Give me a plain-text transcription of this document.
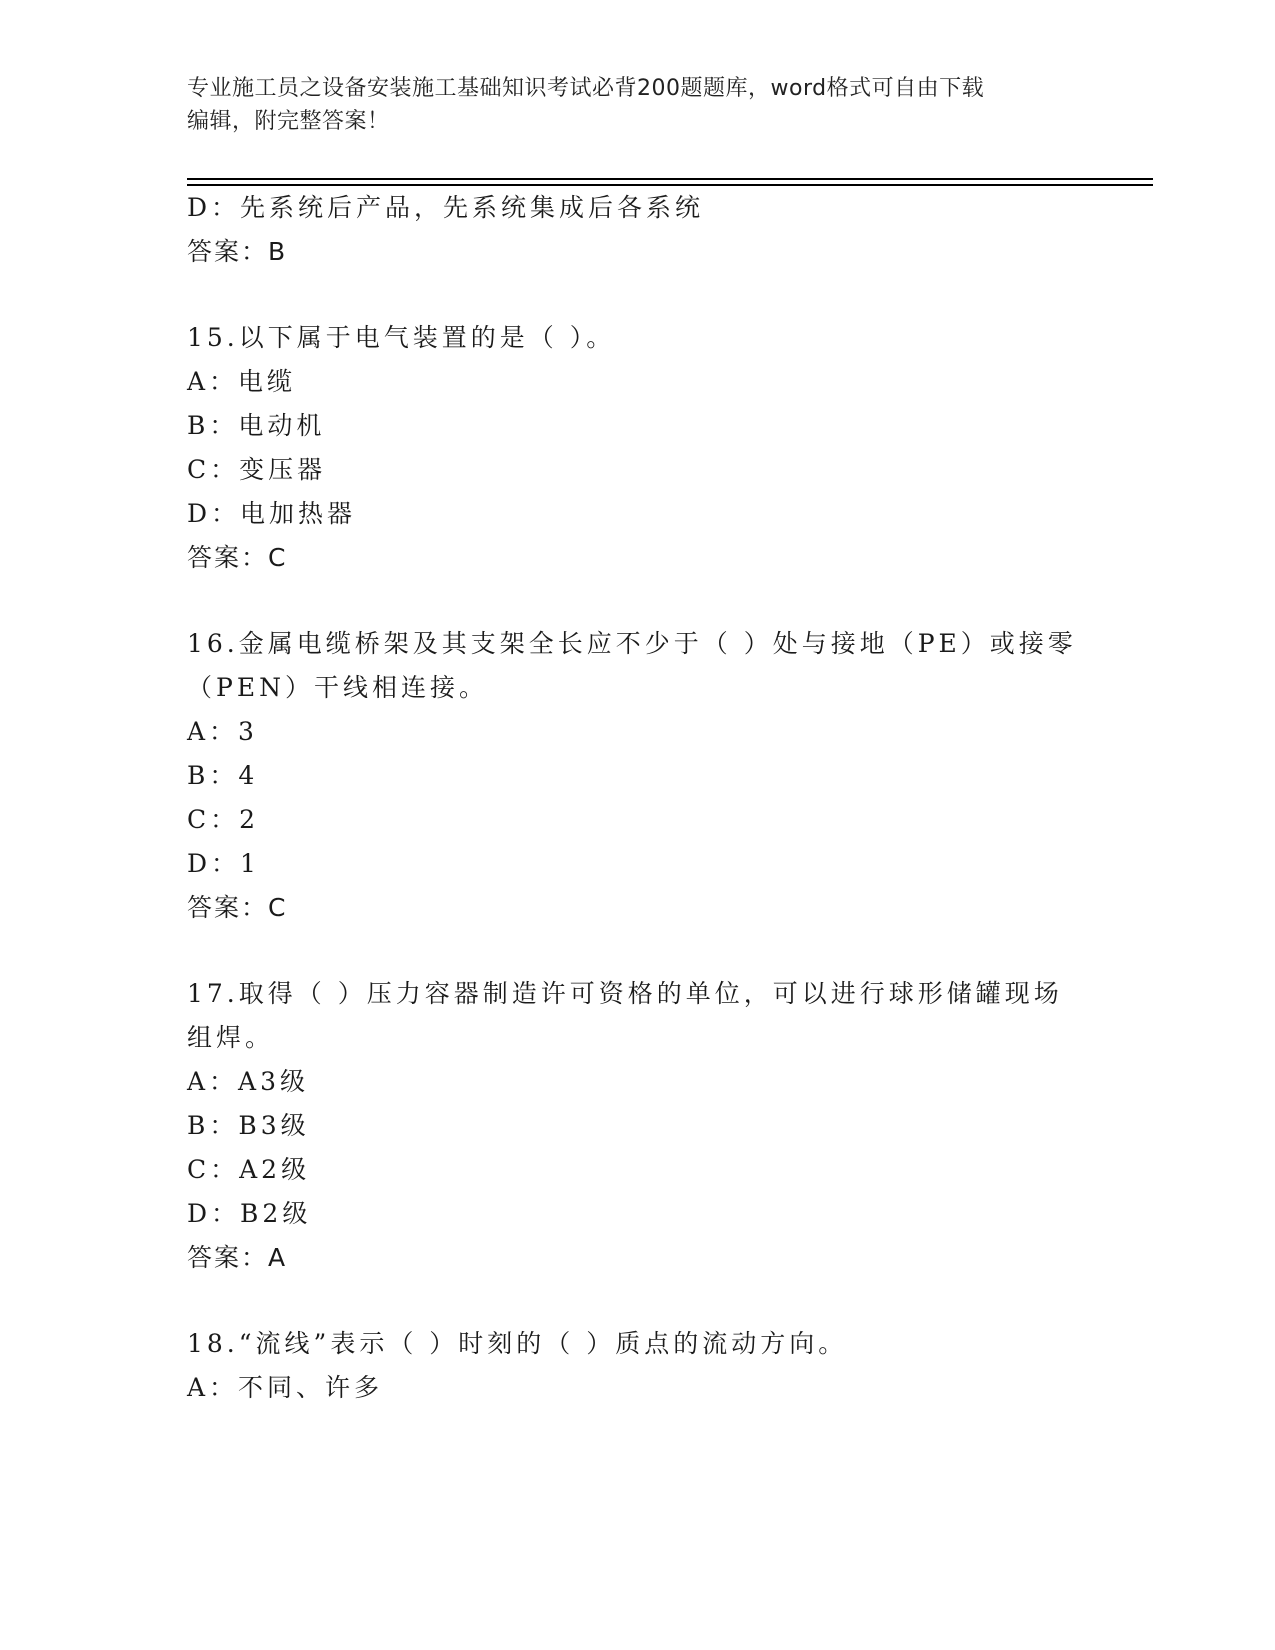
专业施工员之设备安装施工基础知识考试必背200题题库，word格式可自由下载
编辑，附完整答案！
D：先系统后产品，先系统集成后各系统
答案：B
15.以下属于电气装置的是（ ）。
A：电缆
B：电动机
C：变压器
D：电加热器
答案：C
16.金属电缆桥架及其支架全长应不少于（ ）处与接地（PE）或接零
（PEN）干线相连接。
A：3
B：4
C：2
D：1
答案：C
17.取得（ ）压力容器制造许可资格的单位，可以进行球形储罐现场
组焊。
A：A3级
B：B3级
C：A2级
D：B2级
答案：A
18.“流线”表示（ ）时刻的（ ）质点的流动方向。
A：不同、许多
